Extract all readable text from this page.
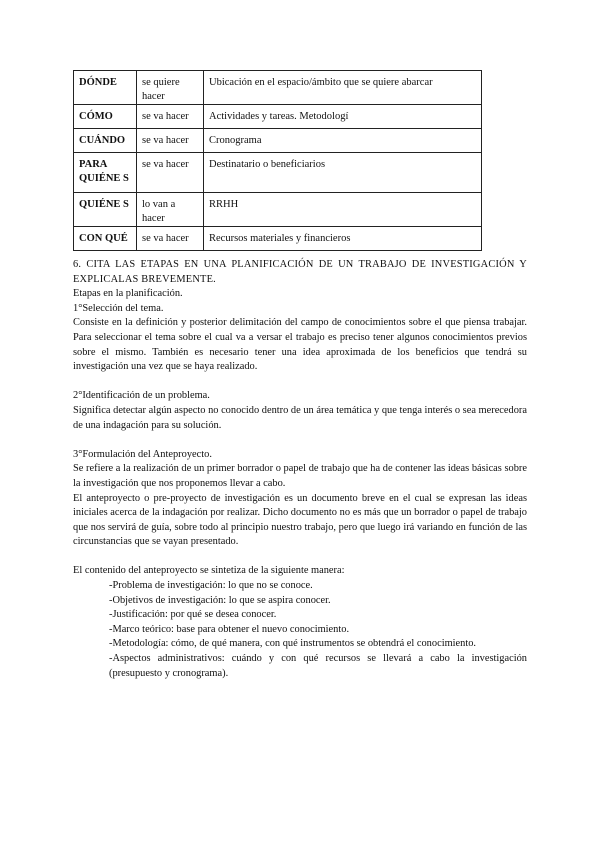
DÓNDE	se quiere hacer	Ubicación en el espacio/ámbito que se quiere abarcar
CÓMO	se va hacer	Actividades y tareas. Metodologí
CUÁNDO	se va hacer	Cronograma
PARA QUIÉNE S	se va hacer	Destinatario o beneficiarios
QUIÉNE S	lo van a hacer	RRHH
CON QUÉ	se va hacer	Recursos materiales y financieros

6. CITA LAS ETAPAS EN UNA PLANIFICACIÓN DE UN TRABAJO DE INVESTIGACIÓN Y EXPLICALAS BREVEMENTE.

Etapas en la planificación.

1°Selección del tema.

Consiste en la definición y posterior delimitación del campo de conocimientos sobre el que piensa trabajar. Para seleccionar el tema sobre el cual va a versar el trabajo es preciso tener algunos conocimientos previos sobre el mismo. También es necesario tener una idea aproximada de los beneficios que tendrá su investigación una vez que se haya realizado.

2°Identificación de un problema.

Significa detectar algún aspecto no conocido dentro de un área temática y que tenga interés o sea merecedora de una indagación para su solución.

3°Formulación del Anteproyecto.

Se refiere a la realización de un primer borrador o papel de trabajo que ha de contener las ideas básicas sobre la investigación que nos proponemos llevar a cabo.

El anteproyecto o pre-proyecto de investigación es un documento breve en el cual se expresan las ideas iniciales acerca de la indagación por realizar. Dicho documento no es más que un borrador o papel de trabajo que nos servirá de guía, sobre todo al principio nuestro trabajo, pero que luego irá variando en función de las circunstancias que se vayan presentado.

El contenido del anteproyecto se sintetiza de la siguiente manera:

-Problema de investigación: lo que no se conoce.
-Objetivos de investigación: lo que se aspira conocer.
-Justificación: por qué se desea conocer.
-Marco teórico: base para obtener el nuevo conocimiento.
-Metodología: cómo, de qué manera, con qué instrumentos se obtendrá el conocimiento.
-Aspectos administrativos: cuándo y con qué recursos se llevará a cabo la investigación (presupuesto y cronograma).
